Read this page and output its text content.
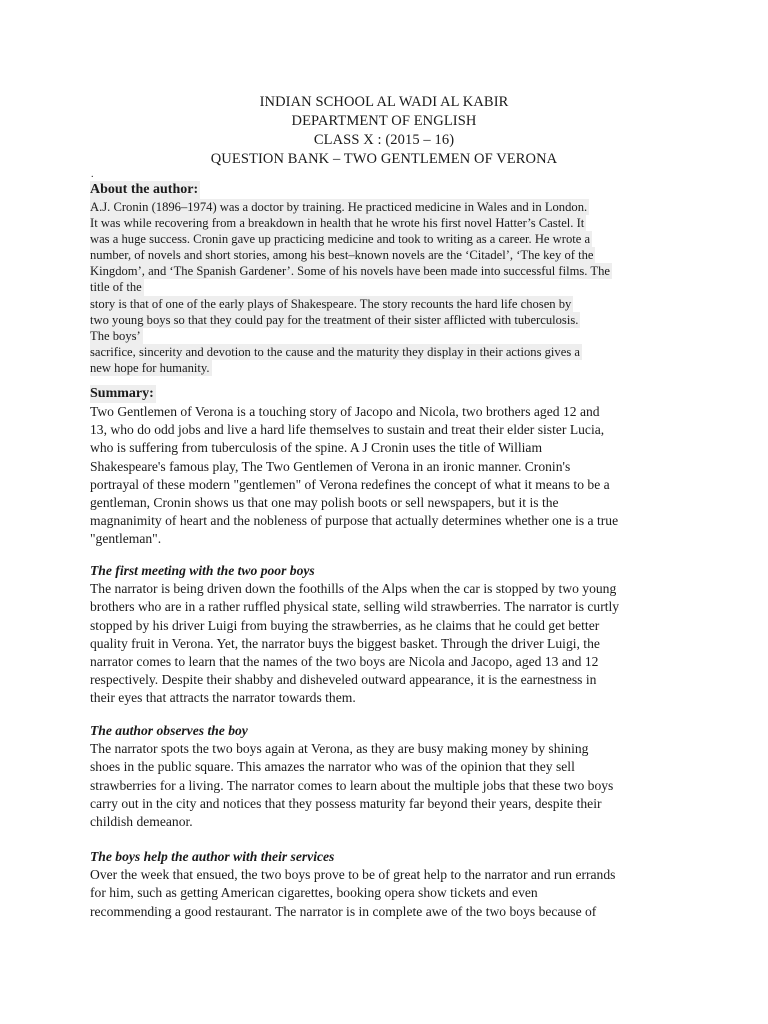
INDIAN SCHOOL AL WADI AL KABIR
DEPARTMENT OF ENGLISH
CLASS X : (2015 – 16)
QUESTION BANK – TWO GENTLEMEN OF VERONA
.
About the author:
A.J. Cronin (1896–1974) was a doctor by training. He practiced medicine in Wales and in London.
It was while recovering from a breakdown in health that he wrote his first novel Hatter’s Castel. It
was a huge success. Cronin gave up practicing medicine and took to writing as a career. He wrote a
number, of novels and short stories, among his best–known novels are the ‘Citadel’, ‘The key of the
Kingdom’, and ‘The Spanish Gardener’. Some of his novels have been made into successful films. The
title of the
story is that of one of the early plays of Shakespeare. The story recounts the hard life chosen by
two young boys so that they could pay for the treatment of their sister afflicted with tuberculosis.
The boys’
sacrifice, sincerity and devotion to the cause and the maturity they display in their actions gives a
new hope for humanity.
Summary:
Two Gentlemen of Verona is a touching story of Jacopo and Nicola, two brothers aged 12 and
13, who do odd jobs and live a hard life themselves to sustain and treat their elder sister Lucia,
who is suffering from tuberculosis of the spine. A J Cronin uses the title of William
Shakespeare's famous play, The Two Gentlemen of Verona in an ironic manner. Cronin's
portrayal of these modern "gentlemen" of Verona redefines the concept of what it means to be a
gentleman, Cronin shows us that one may polish boots or sell newspapers, but it is the
magnanimity of heart and the nobleness of purpose that actually determines whether one is a true
"gentleman".
The first meeting with the two poor boys
The narrator is being driven down the foothills of the Alps when the car is stopped by two young
brothers who are in a rather ruffled physical state, selling wild strawberries. The narrator is curtly
stopped by his driver Luigi from buying the strawberries, as he claims that he could get better
quality fruit in Verona. Yet, the narrator buys the biggest basket. Through the driver Luigi, the
narrator comes to learn that the names of the two boys are Nicola and Jacopo, aged 13 and 12
respectively. Despite their shabby and disheveled outward appearance, it is the earnestness in
their eyes that attracts the narrator towards them.
The author observes the boy
The narrator spots the two boys again at Verona, as they are busy making money by shining
shoes in the public square. This amazes the narrator who was of the opinion that they sell
strawberries for a living. The narrator comes to learn about the multiple jobs that these two boys
carry out in the city and notices that they possess maturity far beyond their years, despite their
childish demeanor.
The boys help the author with their services
Over the week that ensued, the two boys prove to be of great help to the narrator and run errands
for him, such as getting American cigarettes, booking opera show tickets and even
recommending a good restaurant. The narrator is in complete awe of the two boys because of
